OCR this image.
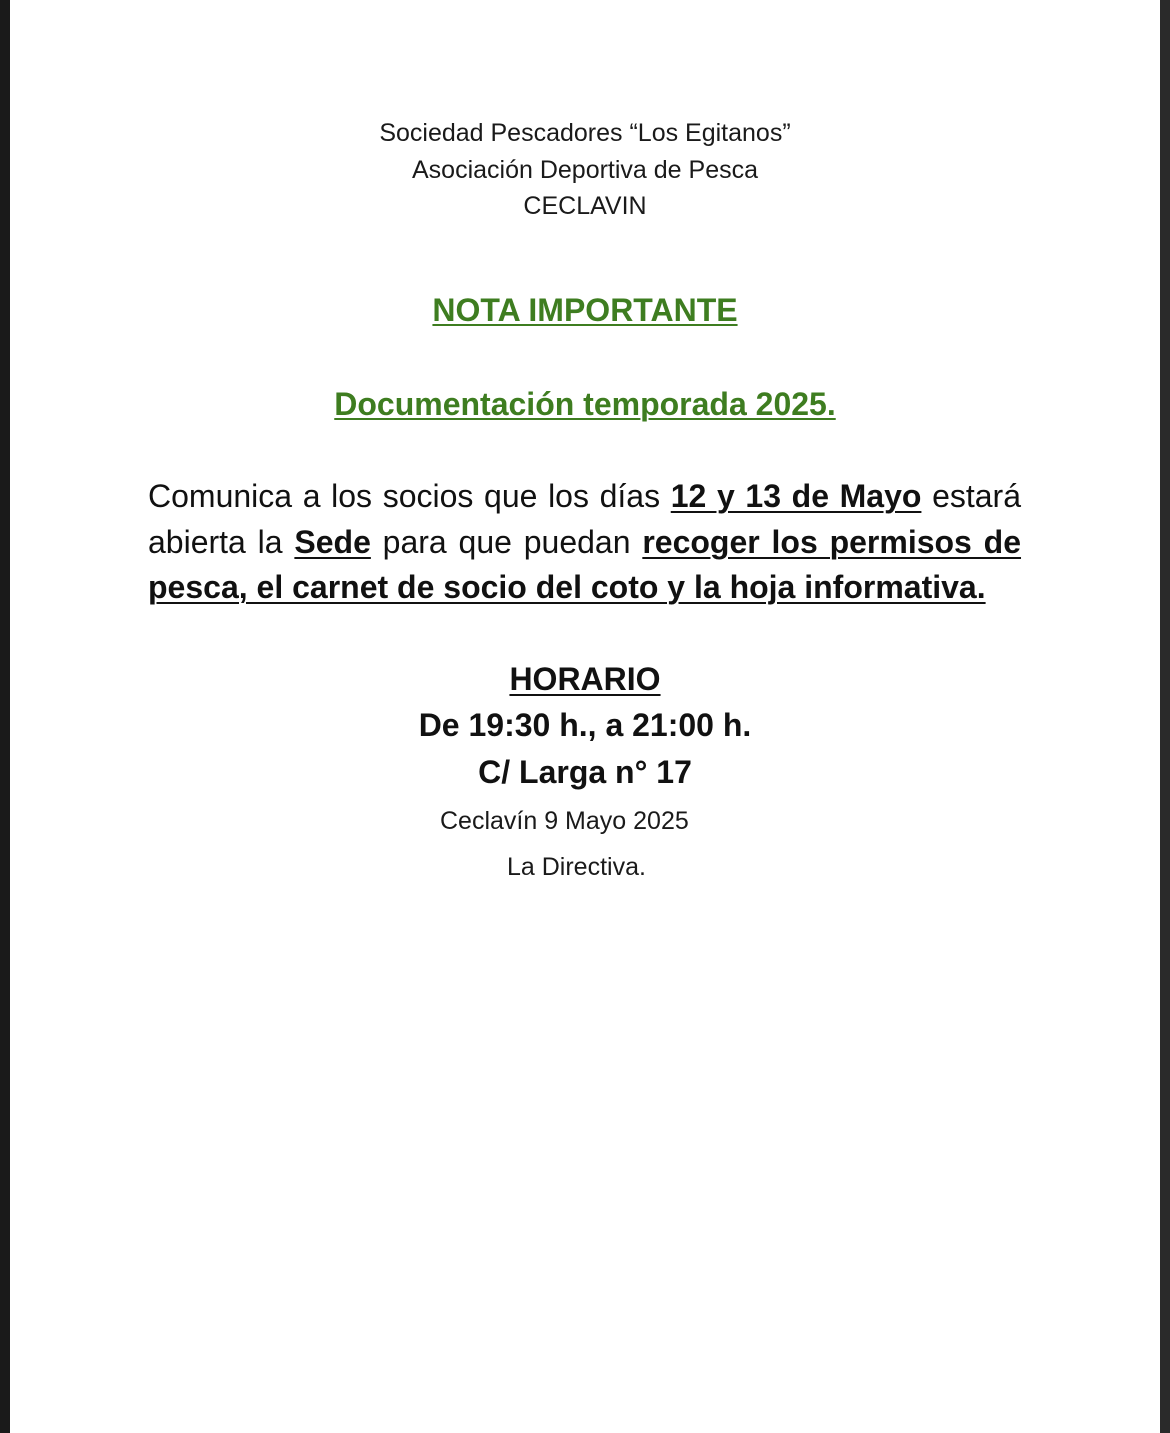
Sociedad Pescadores “Los Egitanos”
Asociación Deportiva de Pesca
CECLAVIN
NOTA IMPORTANTE
Documentación temporada 2025.
Comunica a los socios que los días 12 y 13 de Mayo estará abierta la Sede para que puedan recoger los permisos de pesca, el carnet de socio del coto y la hoja informativa.
HORARIO
De 19:30 h., a 21:00 h.
C/ Larga n° 17
Ceclavín 9 Mayo 2025
La Directiva.
